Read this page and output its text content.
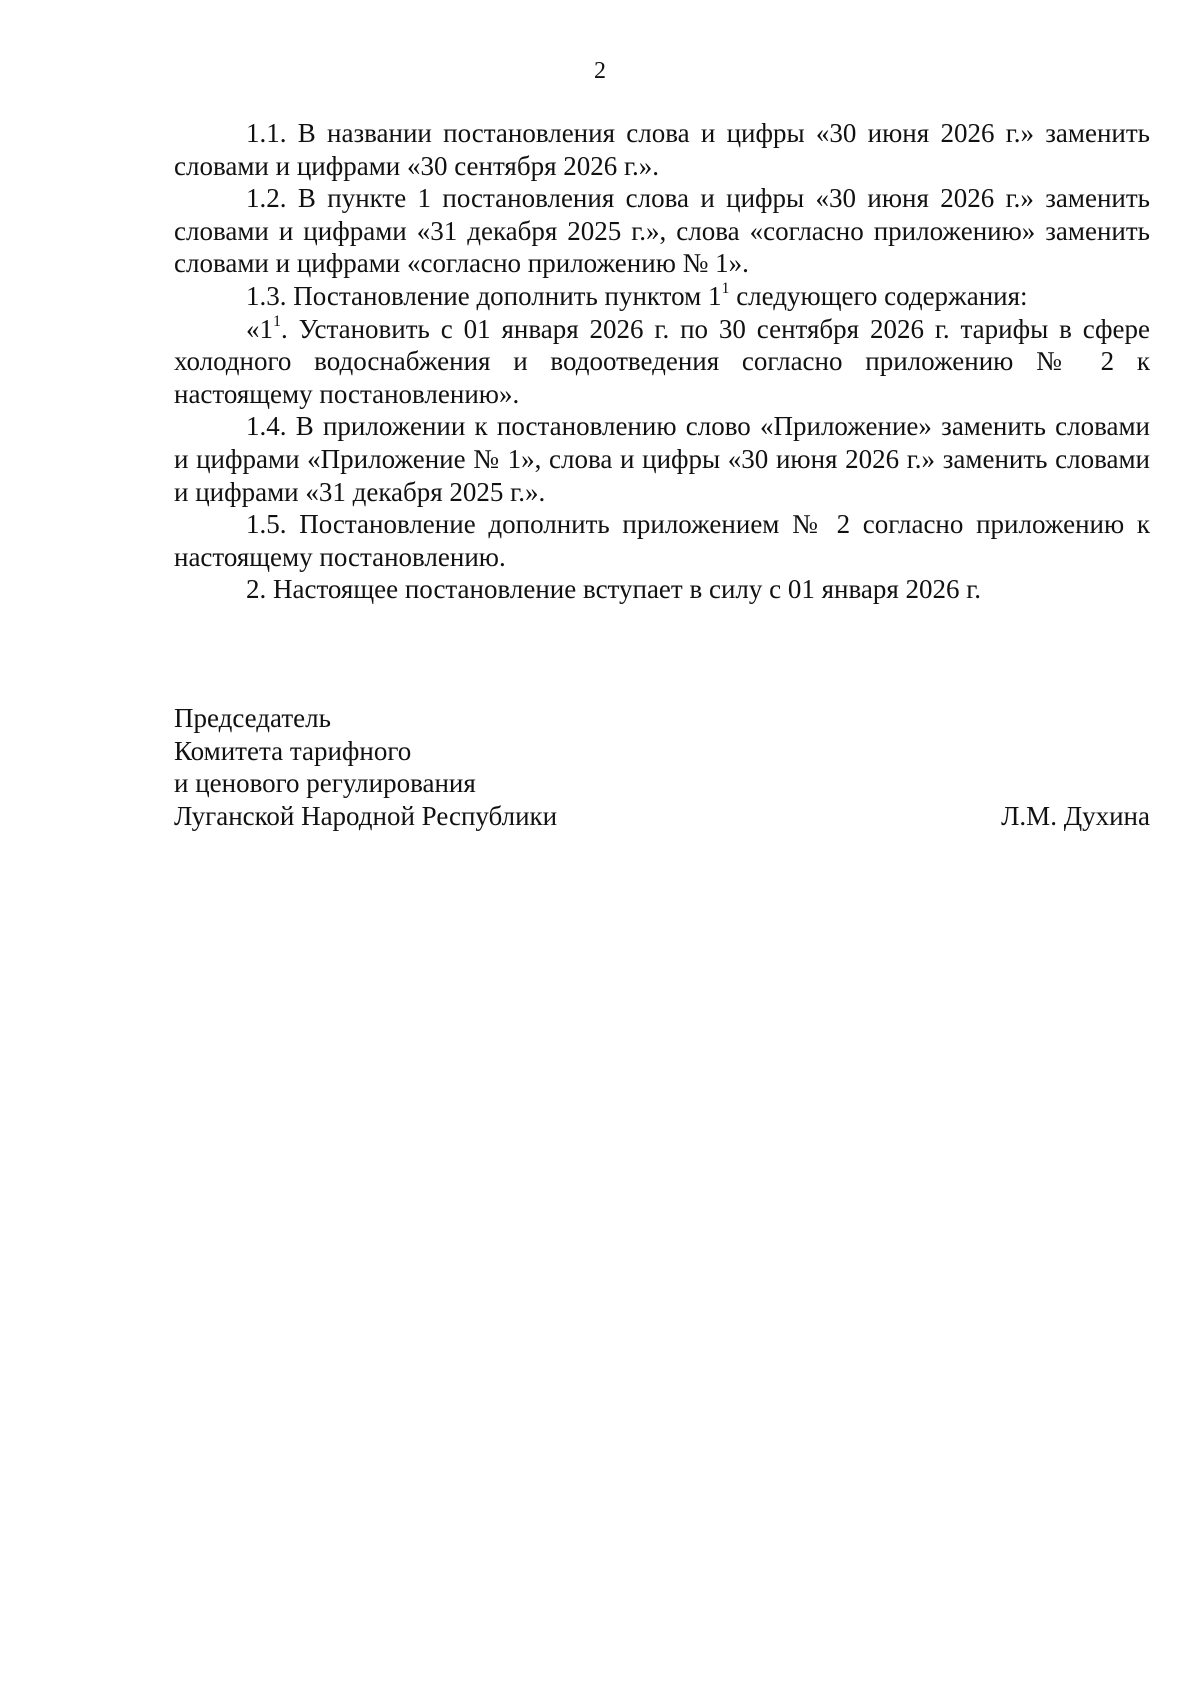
2

1.1. В названии постановления слова и цифры «30 июня 2026 г.» заменить словами и цифрами «30 сентября 2026 г.».

1.2. В пункте 1 постановления слова и цифры «30 июня 2026 г.» заменить словами и цифрами «31 декабря 2025 г.», слова «согласно приложению» заменить словами и цифрами «согласно приложению № 1».

1.3. Постановление дополнить пунктом $1^1$ следующего содержания:

«$1^1$. Установить с 01 января 2026 г. по 30 сентября 2026 г. тарифы в сфере холодного водоснабжения и водоотведения согласно приложению № 2 к настоящему постановлению».

1.4. В приложении к постановлению слово «Приложение» заменить словами и цифрами «Приложение № 1», слова и цифры «30 июня 2026 г.» заменить словами и цифрами «31 декабря 2025 г.».

1.5. Постановление дополнить приложением № 2 согласно приложению к настоящему постановлению.

2. Настоящее постановление вступает в силу с 01 января 2026 г.

Председатель
Комитета тарифного
и ценового регулирования
Луганской Народной Республики	Л.М. Духина
